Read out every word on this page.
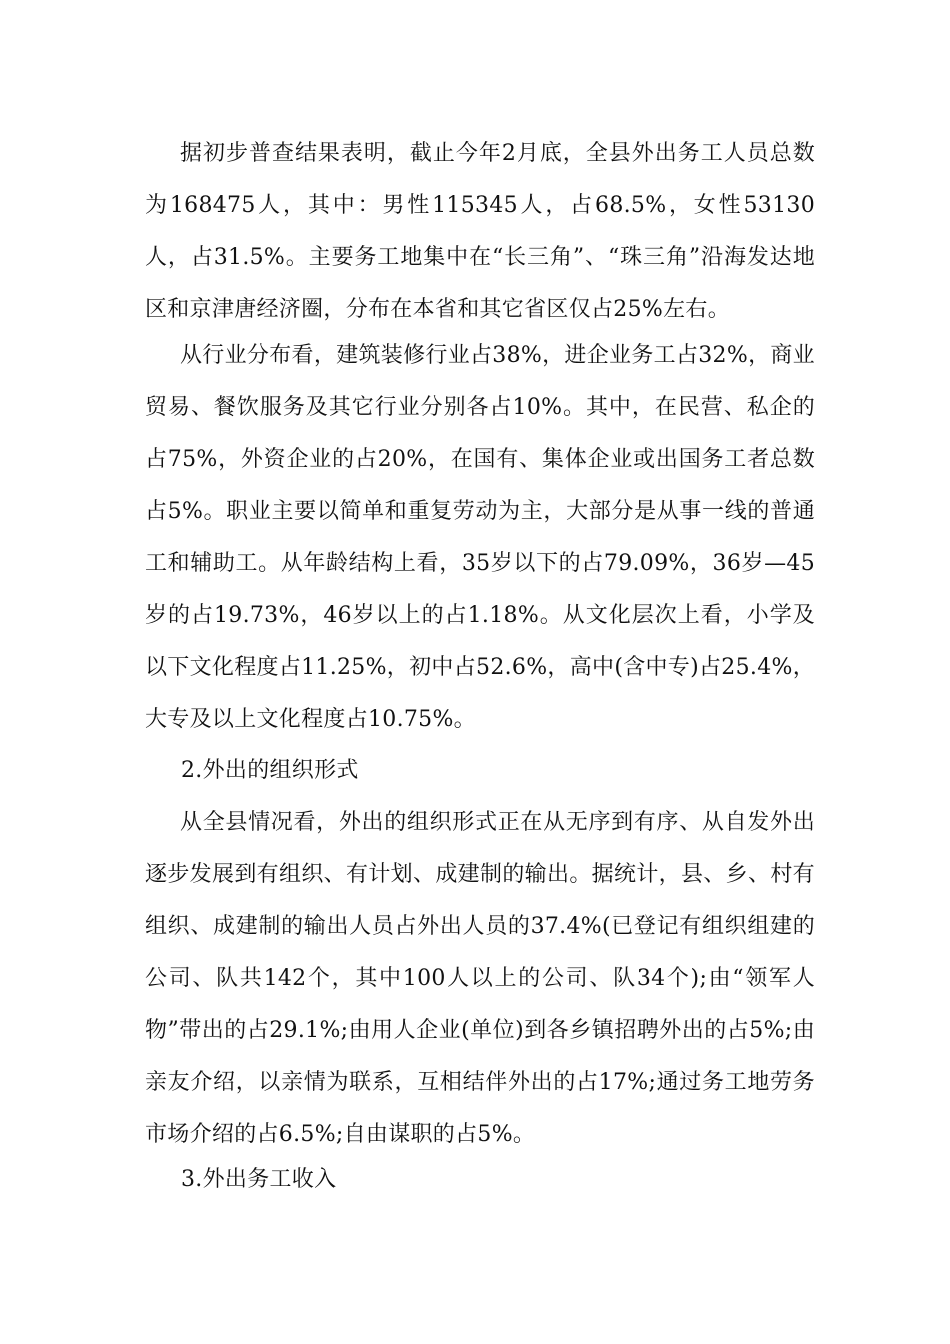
据初步普查结果表明，截止今年2月底，全县外出务工人员总数为168475人，其中：男性115345人，占68.5%，女性53130人，占31.5%。主要务工地集中在“长三角”、“珠三角”沿海发达地区和京津唐经济圈，分布在本省和其它省区仅占25%左右。

从行业分布看，建筑装修行业占38%，进企业务工占32%，商业贸易、餐饮服务及其它行业分别各占10%。其中，在民营、私企的占75%，外资企业的占20%，在国有、集体企业或出国务工者总数占5%。职业主要以简单和重复劳动为主，大部分是从事一线的普通工和辅助工。从年龄结构上看，35岁以下的占79.09%，36岁—45岁的占19.73%，46岁以上的占1.18%。从文化层次上看，小学及以下文化程度占11.25%，初中占52.6%，高中(含中专)占25.4%，大专及以上文化程度占10.75%。

2.外出的组织形式

从全县情况看，外出的组织形式正在从无序到有序、从自发外出逐步发展到有组织、有计划、成建制的输出。据统计，县、乡、村有组织、成建制的输出人员占外出人员的37.4%(已登记有组织组建的公司、队共142个，其中100人以上的公司、队34个);由“领军人物”带出的占29.1%;由用人企业(单位)到各乡镇招聘外出的占5%;由亲友介绍，以亲情为联系，互相结伴外出的占17%;通过务工地劳务市场介绍的占6.5%;自由谋职的占5%。

3.外出务工收入
